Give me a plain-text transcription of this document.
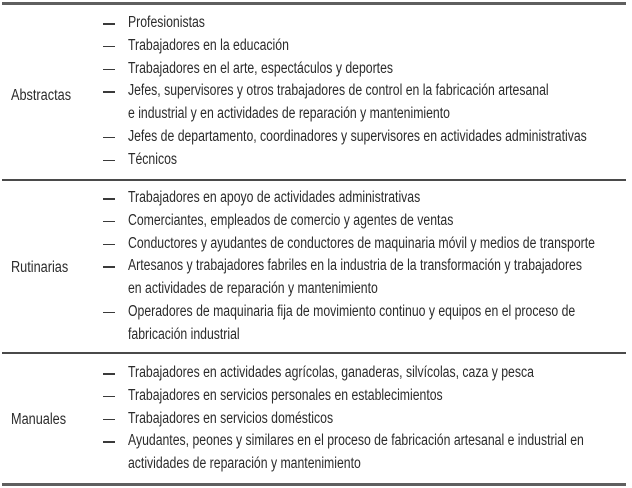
Abstractas
Profesionistas
Trabajadores en la educación
Trabajadores en el arte, espectáculos y deportes
Jefes, supervisores y otros trabajadores de control en la fabricación artesanal
e industrial y en actividades de reparación y mantenimiento
Jefes de departamento, coordinadores y supervisores en actividades administrativas
Técnicos
Rutinarias
Trabajadores en apoyo de actividades administrativas
Comerciantes, empleados de comercio y agentes de ventas
Conductores y ayudantes de conductores de maquinaria móvil y medios de transporte
Artesanos y trabajadores fabriles en la industria de la transformación y trabajadores
en actividades de reparación y mantenimiento
Operadores de maquinaria fija de movimiento continuo y equipos en el proceso de
fabricación industrial
Manuales
Trabajadores en actividades agrícolas, ganaderas, silvícolas, caza y pesca
Trabajadores en servicios personales en establecimientos
Trabajadores en servicios domésticos
Ayudantes, peones y similares en el proceso de fabricación artesanal e industrial en
actividades de reparación y mantenimiento
